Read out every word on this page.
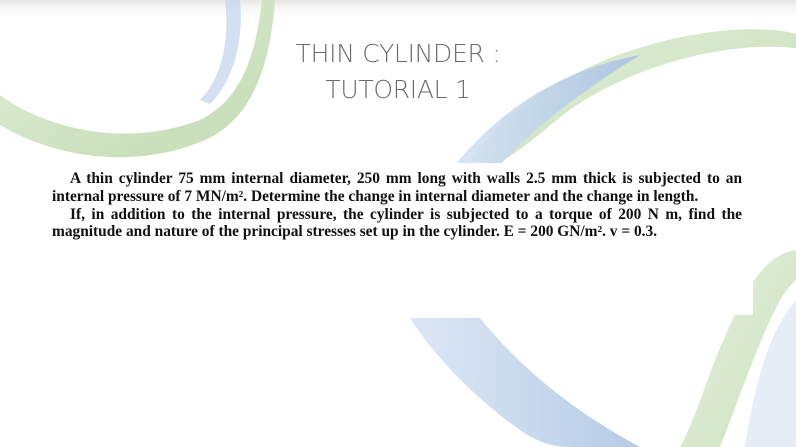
THIN CYLINDER :
TUTORIAL 1

A thin cylinder 75 mm internal diameter, 250 mm long with walls 2.5 mm thick is subjected to an internal pressure of 7 MN/m². Determine the change in internal diameter and the change in length.

If, in addition to the internal pressure, the cylinder is subjected to a torque of 200 N m, find the magnitude and nature of the principal stresses set up in the cylinder. E = 200 GN/m². v = 0.3.
